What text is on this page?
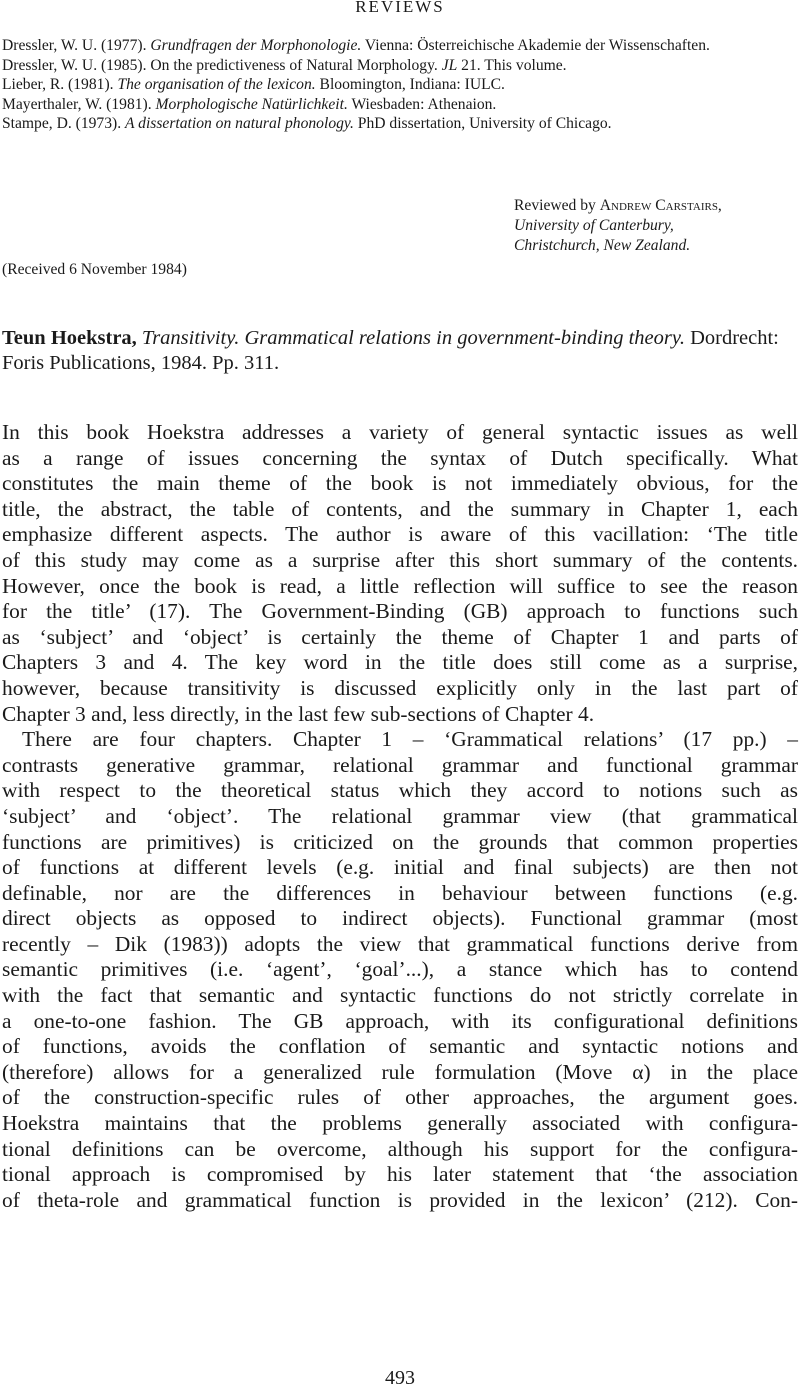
REVIEWS
Dressler, W. U. (1977). Grundfragen der Morphonologie. Vienna: Österreichische Akademie der Wissenschaften.
Dressler, W. U. (1985). On the predictiveness of Natural Morphology. JL 21. This volume.
Lieber, R. (1981). The organisation of the lexicon. Bloomington, Indiana: IULC.
Mayerthaler, W. (1981). Morphologische Natürlichkeit. Wiesbaden: Athenaion.
Stampe, D. (1973). A dissertation on natural phonology. PhD dissertation, University of Chicago.
Reviewed by Andrew Carstairs,
University of Canterbury,
Christchurch, New Zealand.
(Received 6 November 1984)
Teun Hoekstra, Transitivity. Grammatical relations in government-binding theory. Dordrecht: Foris Publications, 1984. Pp. 311.
In this book Hoekstra addresses a variety of general syntactic issues as well
as a range of issues concerning the syntax of Dutch specifically. What
constitutes the main theme of the book is not immediately obvious, for the
title, the abstract, the table of contents, and the summary in Chapter 1, each
emphasize different aspects. The author is aware of this vacillation: ‘The title
of this study may come as a surprise after this short summary of the contents.
However, once the book is read, a little reflection will suffice to see the reason
for the title’ (17). The Government-Binding (GB) approach to functions such
as ‘subject’ and ‘object’ is certainly the theme of Chapter 1 and parts of
Chapters 3 and 4. The key word in the title does still come as a surprise,
however, because transitivity is discussed explicitly only in the last part of
Chapter 3 and, less directly, in the last few sub-sections of Chapter 4.
There are four chapters. Chapter 1 – ‘Grammatical relations’ (17 pp.) –
contrasts generative grammar, relational grammar and functional grammar
with respect to the theoretical status which they accord to notions such as
‘subject’ and ‘object’. The relational grammar view (that grammatical
functions are primitives) is criticized on the grounds that common properties
of functions at different levels (e.g. initial and final subjects) are then not
definable, nor are the differences in behaviour between functions (e.g.
direct objects as opposed to indirect objects). Functional grammar (most
recently – Dik (1983)) adopts the view that grammatical functions derive from
semantic primitives (i.e. ‘agent’, ‘goal’...), a stance which has to contend
with the fact that semantic and syntactic functions do not strictly correlate in
a one-to-one fashion. The GB approach, with its configurational definitions
of functions, avoids the conflation of semantic and syntactic notions and
(therefore) allows for a generalized rule formulation (Move α) in the place
of the construction-specific rules of other approaches, the argument goes.
Hoekstra maintains that the problems generally associated with configura-
tional definitions can be overcome, although his support for the configura-
tional approach is compromised by his later statement that ‘the association
of theta-role and grammatical function is provided in the lexicon’ (212). Con-
493
